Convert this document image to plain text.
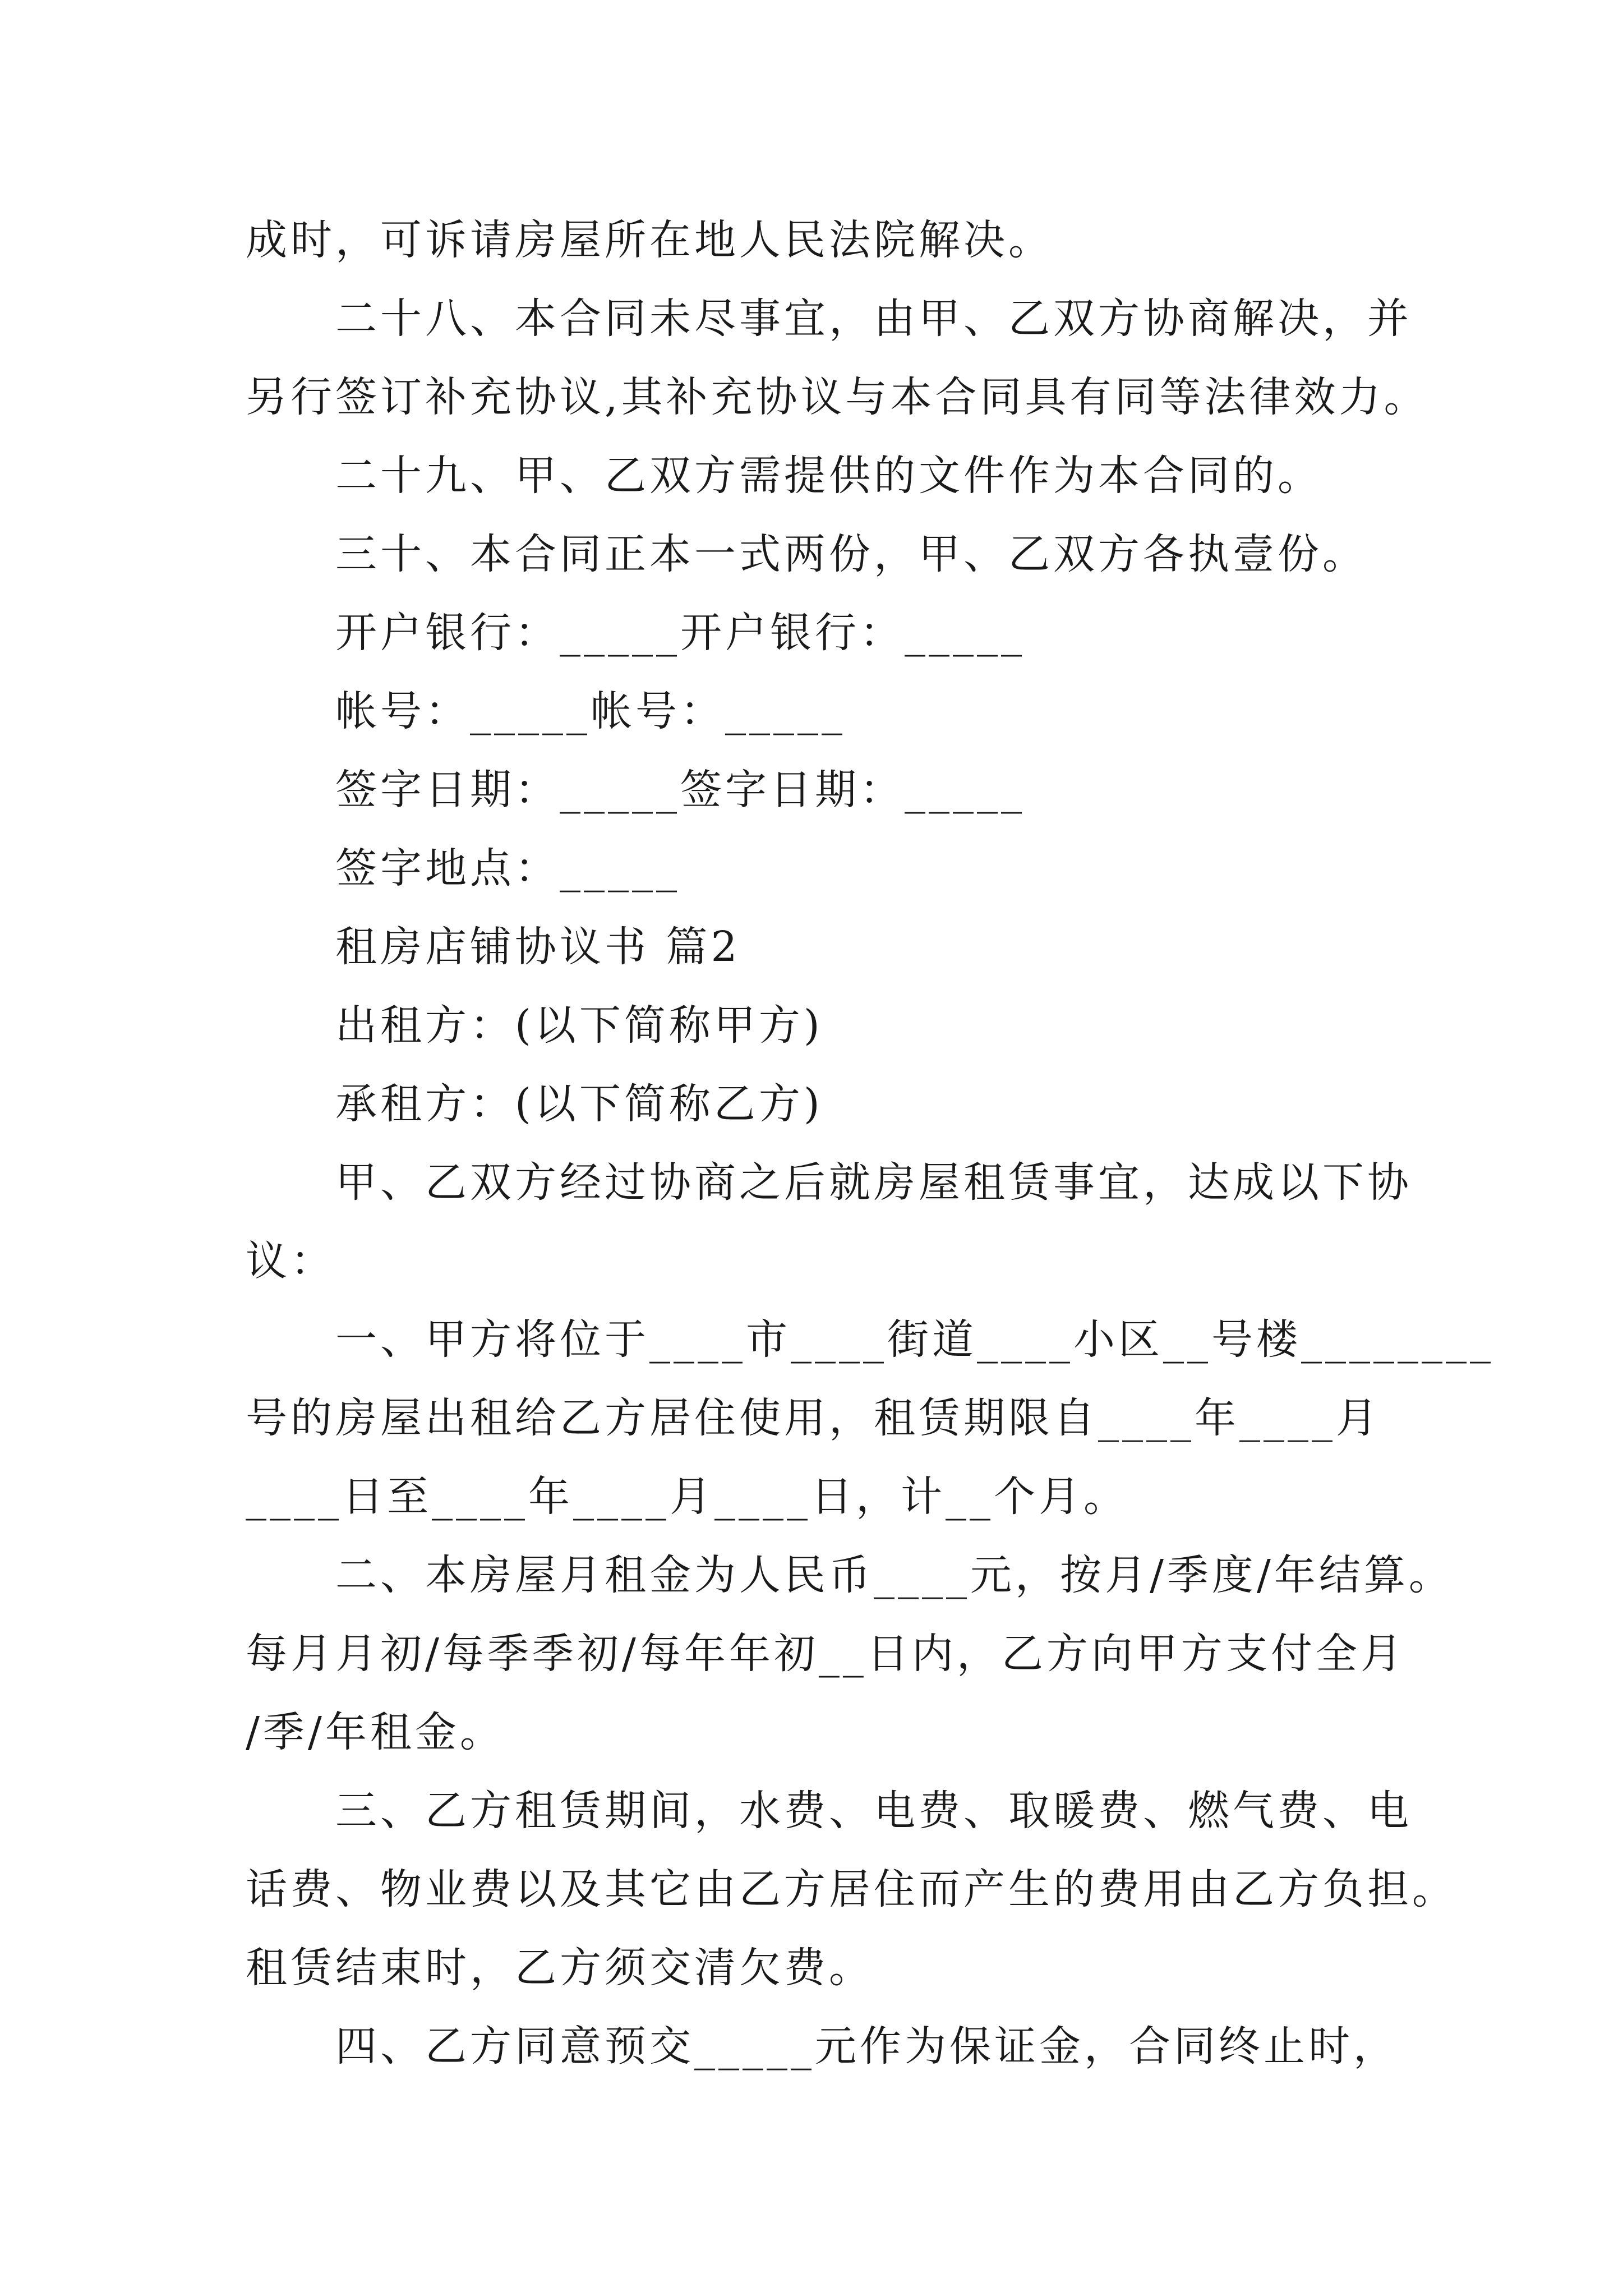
成时，可诉请房屋所在地人民法院解决。
二十八、本合同未尽事宜，由甲、乙双方协商解决，并
另行签订补充协议,其补充协议与本合同具有同等法律效力。
二十九、甲、乙双方需提供的文件作为本合同的。
三十、本合同正本一式两份，甲、乙双方各执壹份。
开户银行：_____开户银行：_____
帐号：_____帐号：_____
签字日期：_____签字日期：_____
签字地点：_____
租房店铺协议书 篇2
出租方：(以下简称甲方)
承租方：(以下简称乙方)
甲、乙双方经过协商之后就房屋租赁事宜，达成以下协
议：
一、甲方将位于____市____街道____小区__号楼________
号的房屋出租给乙方居住使用，租赁期限自____年____月
____日至____年____月____日，计__个月。
二、本房屋月租金为人民币____元，按月/季度/年结算。
每月月初/每季季初/每年年初__日内，乙方向甲方支付全月
/季/年租金。
三、乙方租赁期间，水费、电费、取暖费、燃气费、电
话费、物业费以及其它由乙方居住而产生的费用由乙方负担。
租赁结束时，乙方须交清欠费。
四、乙方同意预交_____元作为保证金，合同终止时，
